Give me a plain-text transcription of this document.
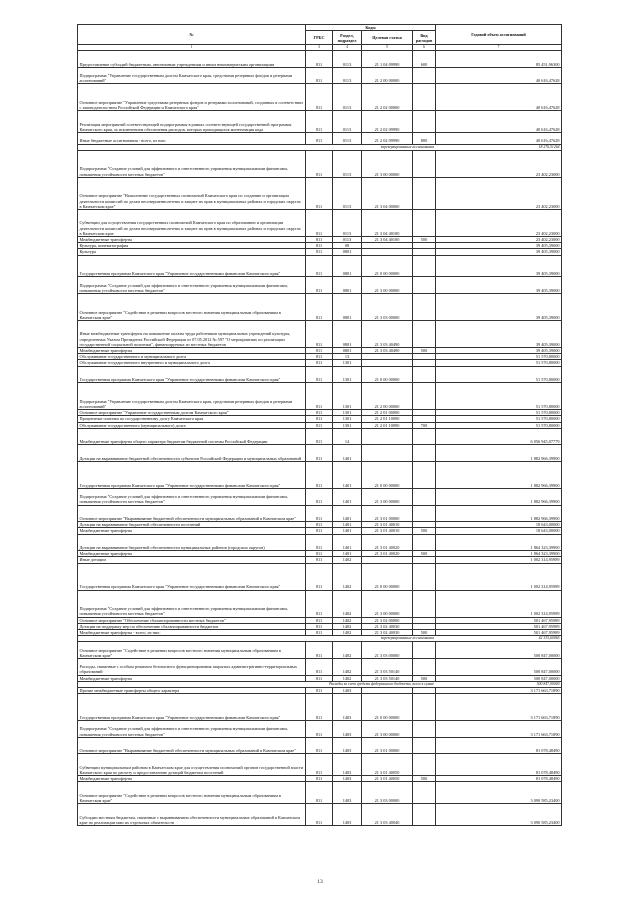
№	Коды				Годовой объем ассигнований
	ГРБС	Раздел, подраздел	Целевая статья	Вид расходов	
1	3	4	5	6	7
Предоставление субсидий бюджетным, автономным учреждениям и иным некоммерческим организациям	811	0113	21 1 04 09990	600	85 451,96300
Подпрограмма "Управление государственным долгом Камчатского края, средствами резервных фондов и резервами ассигнований"	811	0113	21 2 00 00000		40 616,47628
Основное мероприятие "Управление средствами резервных фондов и резервами ассигнований, созданных в соответствии с законодательством Российской Федерации и Камчатского края"	811	0113	21 2 02 00000		40 616,47628
Реализация мероприятий соответствующей подпрограммы в рамках соответствующей государственной программы Камчатского края, за исключением обеспечения расходов, которых приходящихся монетизация кода	811	0113	21 2 02 09990		40 616,47628
Иные бюджетные ассигнования - всего, из них:	811	0113	21 2 02 09990	800	40 616,47628
зарезервированные ассигнования					18 276,51264
Подпрограмма "Создание условий для эффективного и ответственного управления муниципальными финансами, повышения устойчивости местных бюджетов"	811	0113	21 3 00 00000		23 402,23000
Основное мероприятие "Выполнение государственных полномочий Камчатского края по созданию и организации деятельности комиссий по делам несовершеннолетних и защите их прав в муниципальных районах и городских округах в Камчатском крае"	811	0113	21 3 04 00000		23 402,23000
Субвенции для осуществления государственных полномочий Камчатского края по образованию и организации деятельности комиссий по делам несовершеннолетних и защите их прав в муниципальных районах и городских округах в Камчатском крае	811	0113	21 3 04 40100		23 402,23000
Межбюджетные трансферты	811	0113	21 3 04 40100	500	23 402,23000
Культура, кинематография	811	08			39 405,39000
Культура	811	0801			39 405,39000
Государственная программа Камчатского края "Управление государственными финансами Камчатского края"	811	0801	21 0 00 00000		39 405,39000
Подпрограмма "Создание условий для эффективного и ответственного управления муниципальными финансами, повышения устойчивости местных бюджетов"	811	0801	21 3 00 00000		39 405,39000
Основное мероприятие "Содействие в решении вопросов местного значения муниципальным образованиям в Камчатском крае"	811	0801	21 3 03 00000		39 405,39000
Иные межбюджетные трансферты на повышение оплаты труда работников муниципальных учреждений культуры, определенных Указом Президента Российской Федерации от 07.05.2012 № 597 "О мероприятиях по реализации государственной социальной политики", финансируемых из местных бюджетов	811	0801	21 3 03 40490		39 405,39000
Межбюджетные трансферты	811	0801	21 3 03 40490	500	39 405,39000
Обслуживание государственного и муниципального долга	811	13			51 570,80000
Обслуживание государственного внутреннего и муниципального долга	811	1301			51 570,80000
Государственная программа Камчатского края "Управление государственными финансами Камчатского края"	811	1301	21 0 00 00000		51 570,80000
Подпрограмма "Управление государственным долгом Камчатского края, средствами резервных фондов и резервами ассигнований"	811	1301	21 2 00 00000		51 570,80000
Основное мероприятие "Управление государственным долгом Камчатского края"	811	1301	21 2 01 00000		51 570,80000
Процентные платежи по государственному долгу Камчатского края	811	1301	21 2 01 10090		51 570,80000
Обслуживание государственного (муниципального) долга	811	1301	21 2 01 10090	700	51 570,80000
Межбюджетные трансферты общего характера бюджетам бюджетной системы Российской Федерации	811	14			6 056 945,07779
Дотации на выравнивание бюджетной обеспеченности субъектов Российской Федерации и муниципальных образований	811	1401			1 882 966,39900
Государственная программа Камчатского края "Управление государственными финансами Камчатского края"	811	1401	21 0 00 00000		1 882 966,39900
Подпрограмма "Создание условий для эффективного и ответственного управления муниципальными финансами, повышения устойчивости местных бюджетов"	811	1401	21 3 00 00000		1 882 966,39900
Основное мероприятие "Выравнивание бюджетной обеспеченности муниципальных образований в Камчатском крае"	811	1401	21 3 01 00000		1 882 966,39900
Дотации на выравнивание бюджетной обеспеченности поселений	811	1401	21 3 01 40010		18 643,00000
Межбюджетные трансферты	811	1401	21 3 01 40010	500	18 643,00000
Дотации на выравнивание бюджетной обеспеченности муниципальных районов (городских округов)	811	1401	21 3 01 40020		1 864 323,39900
Межбюджетные трансферты	811	1401	21 3 01 40020	500	1 864 323,39900
Иные дотации	811	1402			1 002 314,95989
Государственная программа Камчатского края "Управление государственными финансами Камчатского края"	811	1402	21 0 00 00000		1 002 314,95989
Подпрограмма "Создание условий для эффективного и ответственного управления муниципальными финансами, повышения устойчивости местных бюджетов"	811	1402	21 3 00 00000		1 002 314,95989
Основное мероприятие "Обеспечение сбалансированности местных бюджетов"	811	1402	21 3 02 00000		501 467,95989
Дотации на поддержку мер по обеспечению сбалансированности бюджетов	811	1402	21 3 02 40030		501 467,95989
Межбюджетные трансферты - всего, из них:	811	1402	21 3 02 40030	500	501 467,95989
зарезервированные ассигнования					42 335,60065
Основное мероприятие "Содействие в решении вопросов местного значения муниципальным образованиям в Камчатском крае"	811	1402	21 3 03 00000		500 847,00000
Расходы, связанные с особым режимом безопасного функционирования закрытых административно-территориальных образований	811	1402	21 3 03 50140		500 847,00000
Межбюджетные трансферты	811	1402	21 3 03 50140	500	500 847,00000
Расходы за счет средств федерального бюджета, всего в сумме					500 847,00000
Прочие межбюджетные трансферты общего характера	811	1403			3 171 663,71890
Государственная программа Камчатского края "Управление государственными финансами Камчатского края"	811	1403	21 0 00 00000		3 171 663,71890
Подпрограмма "Создание условий для эффективного и ответственного управления муниципальными финансами, повышения устойчивости местных бюджетов"	811	1403	21 3 00 00000		3 171 663,71890
Основное мероприятие "Выравнивание бюджетной обеспеченности муниципальных образований в Камчатском крае"	811	1403	21 3 01 00000		81 078,48490
Субвенции муниципальным районам в Камчатском крае для осуществления полномочий органов государственной власти Камчатского края по расчету и предоставлению дотаций бюджетам поселений	811	1403	21 3 01 40050		81 078,48490
Межбюджетные трансферты	811	1403	21 3 01 40050	500	81 078,48490
Основное мероприятие "Содействие в решении вопросов местного значения муниципальным образованиям в Камчатском крае"	811	1403	21 3 03 00000		3 090 585,23400
Субсидии местным бюджетам, связанные с выравниванием обеспеченности муниципальных образований в Камчатском крае по реализации ими их отдельных обязательств	811	1403	21 3 03 40040		3 090 585,23400
13
